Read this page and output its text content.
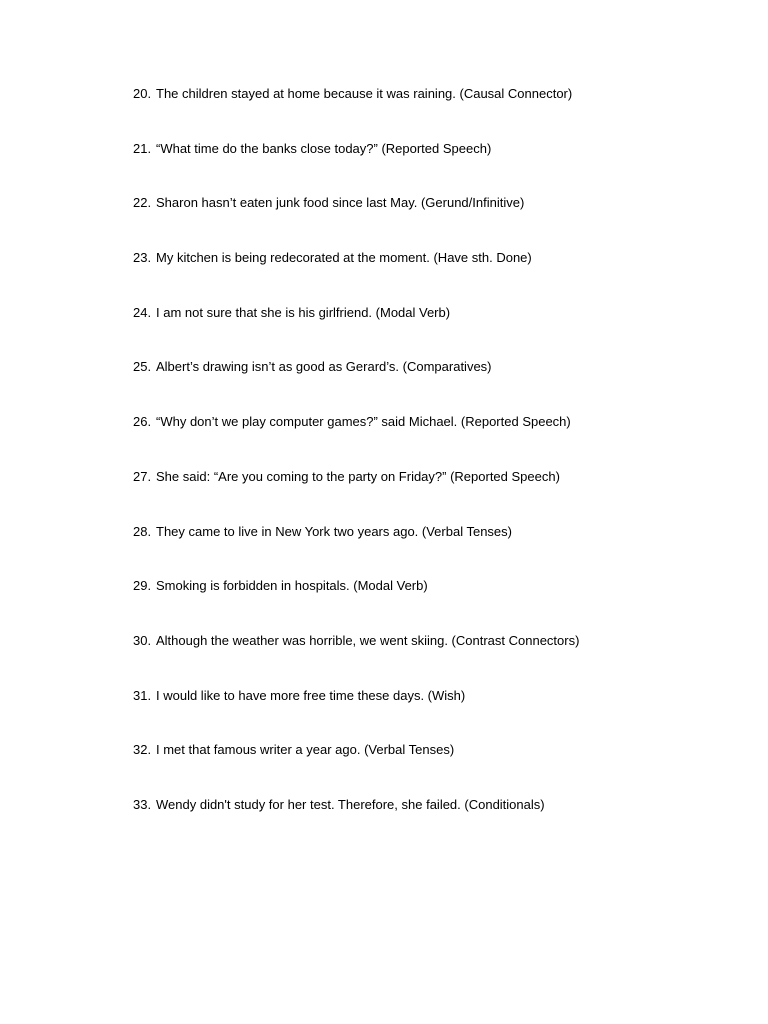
20. The children stayed at home because it was raining. (Causal Connector)
21. “What time do the banks close today?” (Reported Speech)
22. Sharon hasn’t eaten junk food since last May. (Gerund/Infinitive)
23. My kitchen is being redecorated at the moment. (Have sth. Done)
24. I am not sure that she is his girlfriend. (Modal Verb)
25. Albert’s drawing isn’t as good as Gerard’s. (Comparatives)
26. “Why don’t we play computer games?” said Michael. (Reported Speech)
27. She said: “Are you coming to the party on Friday?” (Reported Speech)
28. They came to live in New York two years ago. (Verbal Tenses)
29. Smoking is forbidden in hospitals. (Modal Verb)
30. Although the weather was horrible, we went skiing. (Contrast Connectors)
31. I would like to have more free time these days. (Wish)
32. I met that famous writer a year ago. (Verbal Tenses)
33. Wendy didn't study for her test. Therefore, she failed. (Conditionals)
